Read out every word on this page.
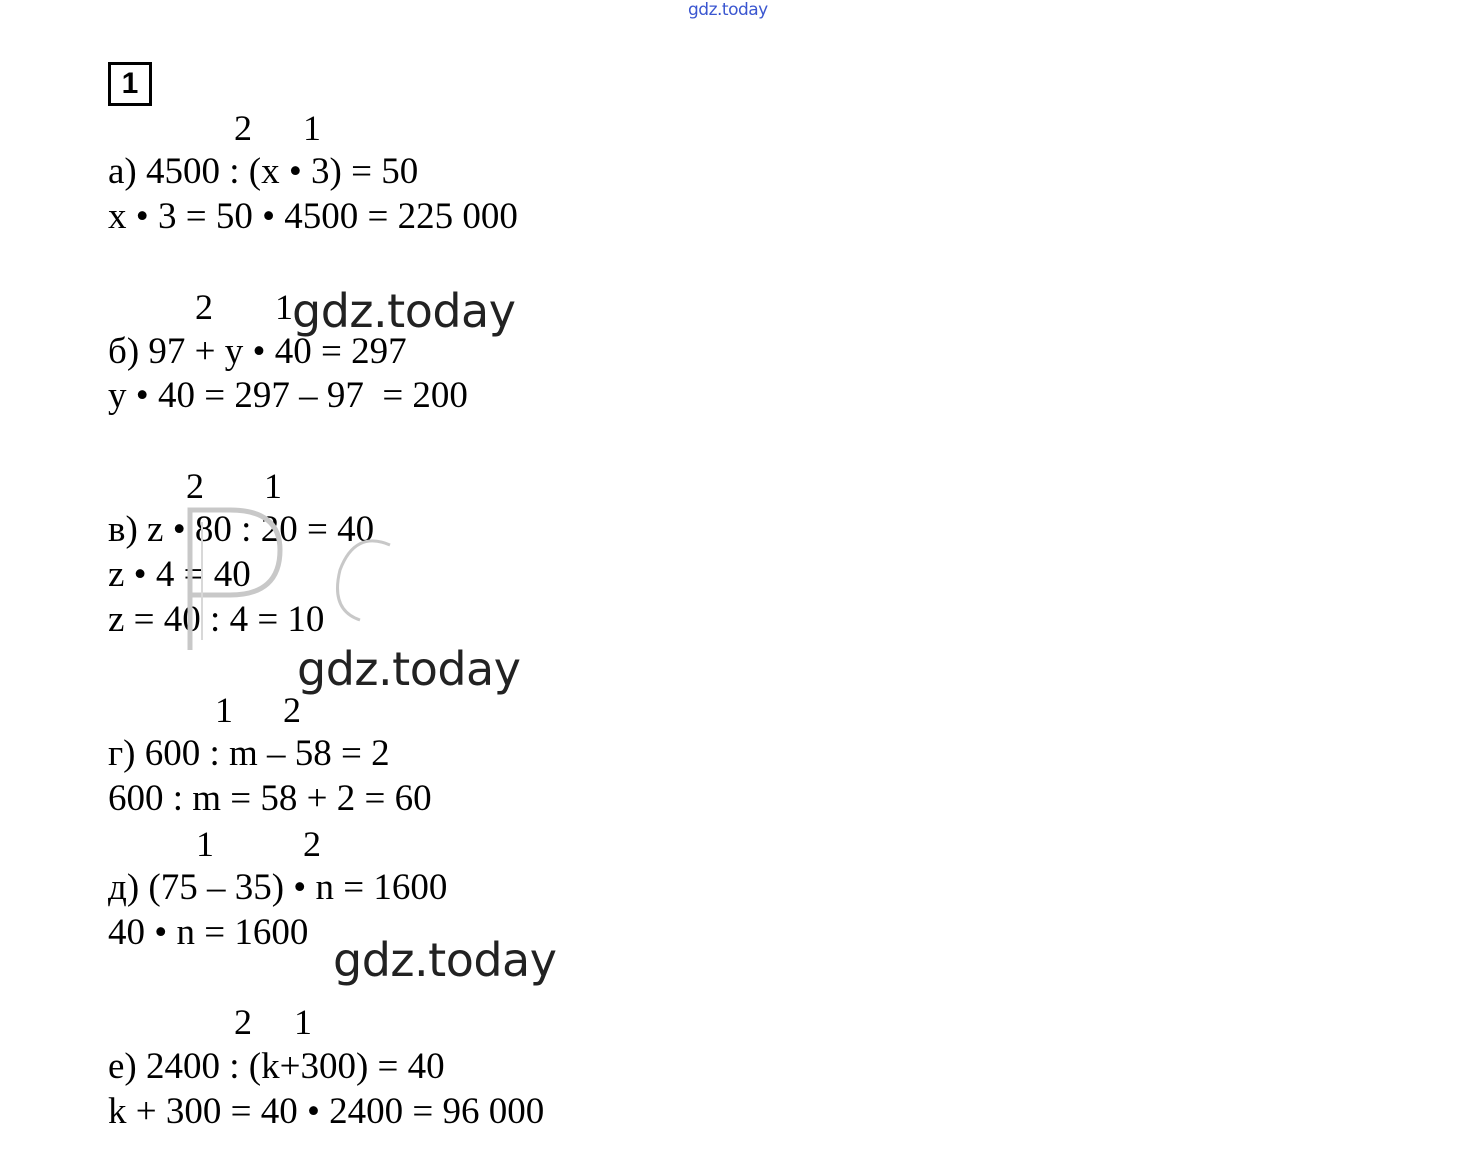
gdz.today
1
2 1
а) 4500 : (х • 3) = 50
х • 3 = 50 • 4500 = 225 000
2 1 gdz.today
б) 97 + y • 40 = 297
y • 40 = 297 – 97  = 200
2 1
в) z • 80 : 20 = 40
z • 4 = 40
z = 40 : 4 = 10
gdz.today
1 2
г) 600 : m – 58 = 2
600 : m = 58 + 2 = 60
1 2
д) (75 – 35) • n = 1600
40 • n = 1600
gdz.today
2 1
е) 2400 : (k+300) = 40
k + 300 = 40 • 2400 = 96 000
